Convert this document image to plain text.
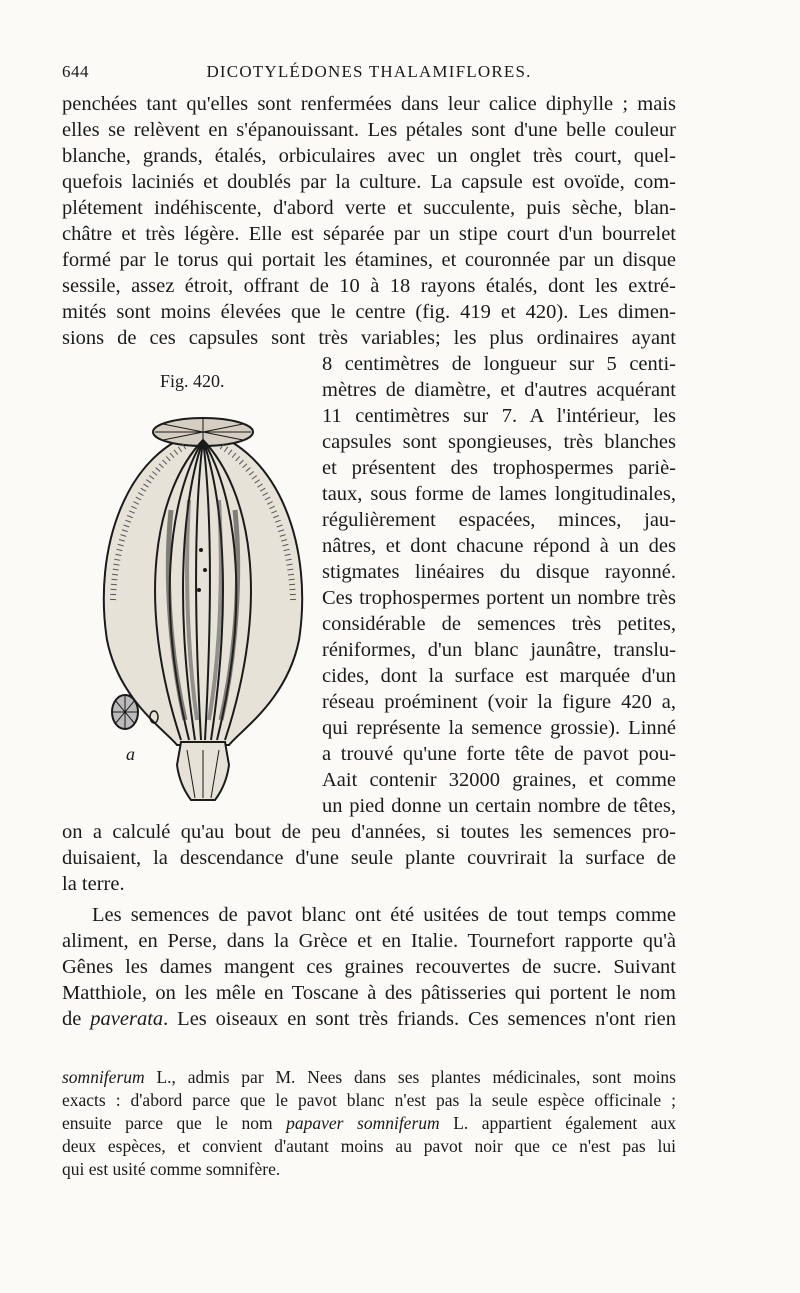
644	DICOTYLÉDONES THALAMIFLORES.
penchées tant qu'elles sont renfermées dans leur calice diphylle ; mais
elles se relèvent en s'épanouissant. Les pétales sont d'une belle couleur
blanche, grands, étalés, orbiculaires avec un onglet très court, quel-
quefois laciniés et doublés par la culture. La capsule est ovoïde, com-
plétement indéhiscente, d'abord verte et succulente, puis sèche, blan-
châtre et très légère. Elle est séparée par un stipe court d'un bourrelet
formé par le torus qui portait les étamines, et couronnée par un disque
sessile, assez étroit, offrant de 10 à 18 rayons étalés, dont les extré-
mités sont moins élevées que le centre (fig. 419 et 420). Les dimen-
sions de ces capsules sont très variables; les plus ordinaires ayant
Fig. 420.
a
8 centimètres de longueur sur 5 centi-
mètres de diamètre, et d'autres acquérant
11 centimètres sur 7. A l'intérieur, les
capsules sont spongieuses, très blanches
et présentent des trophospermes pariè-
taux, sous forme de lames longitudinales,
régulièrement espacées, minces, jau-
nâtres, et dont chacune répond à un des
stigmates linéaires du disque rayonné.
Ces trophospermes portent un nombre très
considérable de semences très petites,
réniformes, d'un blanc jaunâtre, translu-
cides, dont la surface est marquée d'un
réseau proéminent (voir la figure 420 a,
qui représente la semence grossie). Linné
a trouvé qu'une forte tête de pavot pou-
Aait contenir 32000 graines, et comme
un pied donne un certain nombre de têtes,
on a calculé qu'au bout de peu d'années, si toutes les semences pro-
duisaient, la descendance d'une seule plante couvrirait la surface de
la terre.
Les semences de pavot blanc ont été usitées de tout temps comme
aliment, en Perse, dans la Grèce et en Italie. Tournefort rapporte qu'à
Gênes les dames mangent ces graines recouvertes de sucre. Suivant
Matthiole, on les mêle en Toscane à des pâtisseries qui portent le nom
de paverata. Les oiseaux en sont très friands. Ces semences n'ont rien
somniferum L., admis par M. Nees dans ses plantes médicinales, sont moins
exacts : d'abord parce que le pavot blanc n'est pas la seule espèce officinale ;
ensuite parce que le nom papaver somniferum L. appartient également aux
deux espèces, et convient d'autant moins au pavot noir que ce n'est pas lui
qui est usité comme somnifère.
